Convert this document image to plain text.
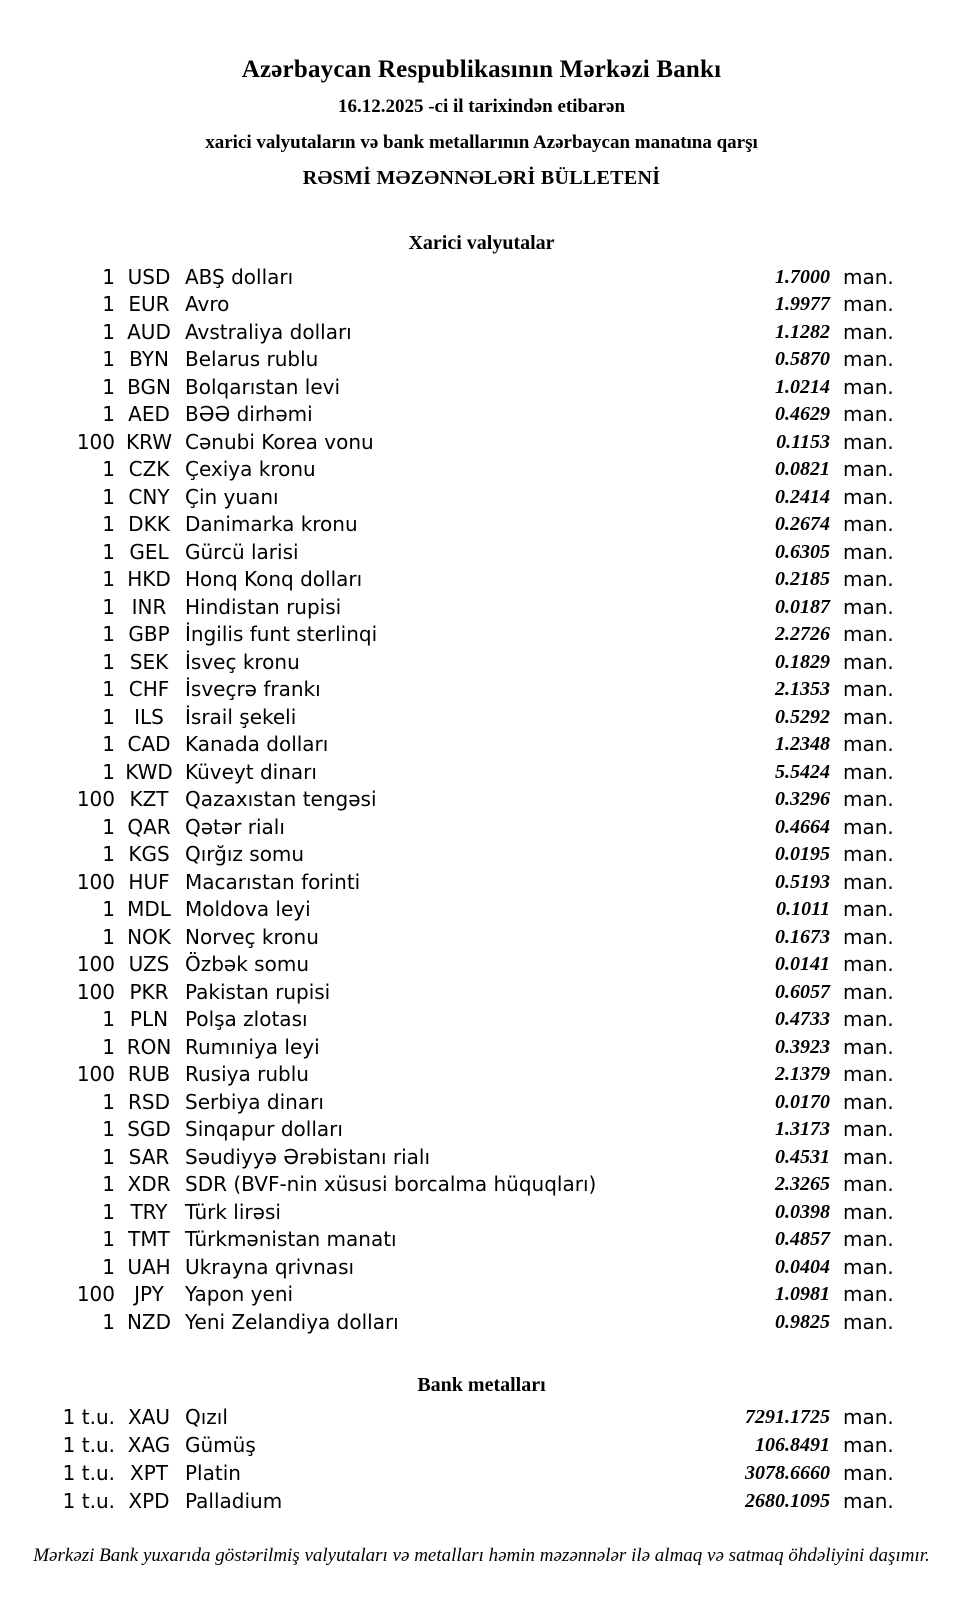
Azərbaycan Respublikasının Mərkəzi Bankı
16.12.2025 -ci il tarixindən etibarən
xarici valyutaların və bank metallarının Azərbaycan manatına qarşı
RƏSMİ MƏZƏNNƏLƏRİ BÜLLETENİ
Xarici valyutalar
1 USD ABŞ dolları	1.7000 man.
1 EUR Avro	1.9977 man.
1 AUD Avstraliya dolları	1.1282 man.
1 BYN Belarus rublu	0.5870 man.
1 BGN Bolqarıstan levi	1.0214 man.
1 AED BƏƏ dirhəmi	0.4629 man.
100 KRW Cənubi Korea vonu	0.1153 man.
1 CZK Çexiya kronu	0.0821 man.
1 CNY Çin yuanı	0.2414 man.
1 DKK Danimarka kronu	0.2674 man.
1 GEL Gürcü larisi	0.6305 man.
1 HKD Honq Konq dolları	0.2185 man.
1 INR Hindistan rupisi	0.0187 man.
1 GBP İngilis funt sterlinqi	2.2726 man.
1 SEK İsveç kronu	0.1829 man.
1 CHF İsveçrə frankı	2.1353 man.
1 ILS	İsrail şekeli	0.5292 man.
1 CAD Kanada dolları	1.2348 man.
1 KWD Küveyt dinarı	5.5424 man.
100 KZT Qazaxıstan tengəsi	0.3296 man.
1 QAR Qətər rialı	0.4664 man.
1 KGS Qırğız somu	0.0195 man.
100 HUF Macarıstan forinti	0.5193 man.
1 MDL Moldova leyi	0.1011 man.
1 NOK Norveç kronu	0.1673 man.
100 UZS Özbək somu	0.0141 man.
100 PKR Pakistan rupisi	0.6057 man.
1 PLN Polşa zlotası	0.4733 man.
1 RON Rumıniya leyi	0.3923 man.
100 RUB Rusiya rublu	2.1379 man.
1 RSD Serbiya dinarı	0.0170 man.
1 SGD Sinqapur dolları	1.3173 man.
1 SAR Səudiyyə Ərəbistanı rialı	0.4531 man.
1 XDR SDR (BVF-nin xüsusi borcalma hüquqları)	2.3265 man.
1 TRY Türk lirəsi	0.0398 man.
1 TMT Türkmənistan manatı	0.4857 man.
1 UAH Ukrayna qrivnası	0.0404 man.
100 JPY	Yapon yeni	1.0981 man.
1 NZD Yeni Zelandiya dolları	0.9825 man.
Bank metalları
1 t.u. XAU Qızıl	7291.1725 man.
1 t.u. XAG Gümüş	106.8491 man.
1 t.u. XPT Platin	3078.6660 man.
1 t.u. XPD Palladium	2680.1095 man.
Mərkəzi Bank yuxarıda göstərilmiş valyutaları və metalları həmin məzənnələr ilə almaq və satmaq öhdəliyini daşımır.
